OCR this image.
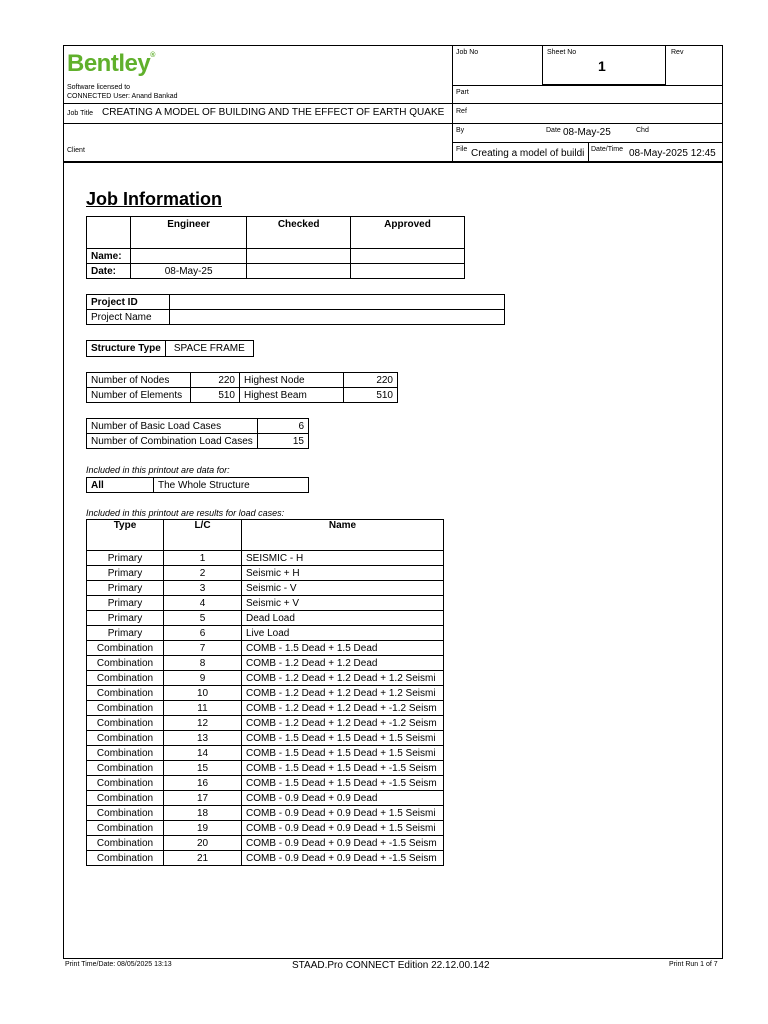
Bentley®
Software licensed to
CONNECTED User: Anand Bankad
Job Title CREATING A MODEL OF BUILDING AND THE EFFECT OF EARTH QUAKE
Client
Job No	Sheet No
1
Rev
Part
Ref
By	Date 08-May-25	Chd
File Creating a model of buildi Date/Time 08-May-2025 12:45
Job Information
	Engineer	Checked	Approved
Name:			
Date:	08-May-25		
Project ID	
Project Name	
Structure Type	SPACE FRAME
Number of Nodes	220	Highest Node	220
Number of Elements	510	Highest Beam	510
Number of Basic Load Cases	6
Number of Combination Load Cases	15
Included in this printout are data for:
All	The Whole Structure
Included in this printout are results for load cases:
Type	L/C	Name
Primary	1	SEISMIC - H
Primary	2	Seismic + H
Primary	3	Seismic - V
Primary	4	Seismic + V
Primary	5	Dead Load
Primary	6	Live Load
Combination	7	COMB - 1.5 Dead + 1.5 Dead
Combination	8	COMB - 1.2 Dead + 1.2 Dead
Combination	9	COMB - 1.2 Dead + 1.2 Dead + 1.2 Seismi
Combination	10	COMB - 1.2 Dead + 1.2 Dead + 1.2 Seismi
Combination	11	COMB - 1.2 Dead + 1.2 Dead + -1.2 Seism
Combination	12	COMB - 1.2 Dead + 1.2 Dead + -1.2 Seism
Combination	13	COMB - 1.5 Dead + 1.5 Dead + 1.5 Seismi
Combination	14	COMB - 1.5 Dead + 1.5 Dead + 1.5 Seismi
Combination	15	COMB - 1.5 Dead + 1.5 Dead + -1.5 Seism
Combination	16	COMB - 1.5 Dead + 1.5 Dead + -1.5 Seism
Combination	17	COMB - 0.9 Dead + 0.9 Dead
Combination	18	COMB - 0.9 Dead + 0.9 Dead + 1.5 Seismi
Combination	19	COMB - 0.9 Dead + 0.9 Dead + 1.5 Seismi
Combination	20	COMB - 0.9 Dead + 0.9 Dead + -1.5 Seism
Combination	21	COMB - 0.9 Dead + 0.9 Dead + -1.5 Seism
Print Time/Date: 08/05/2025 13:13	STAAD.Pro CONNECT Edition 22.12.00.142	Print Run 1 of 7
